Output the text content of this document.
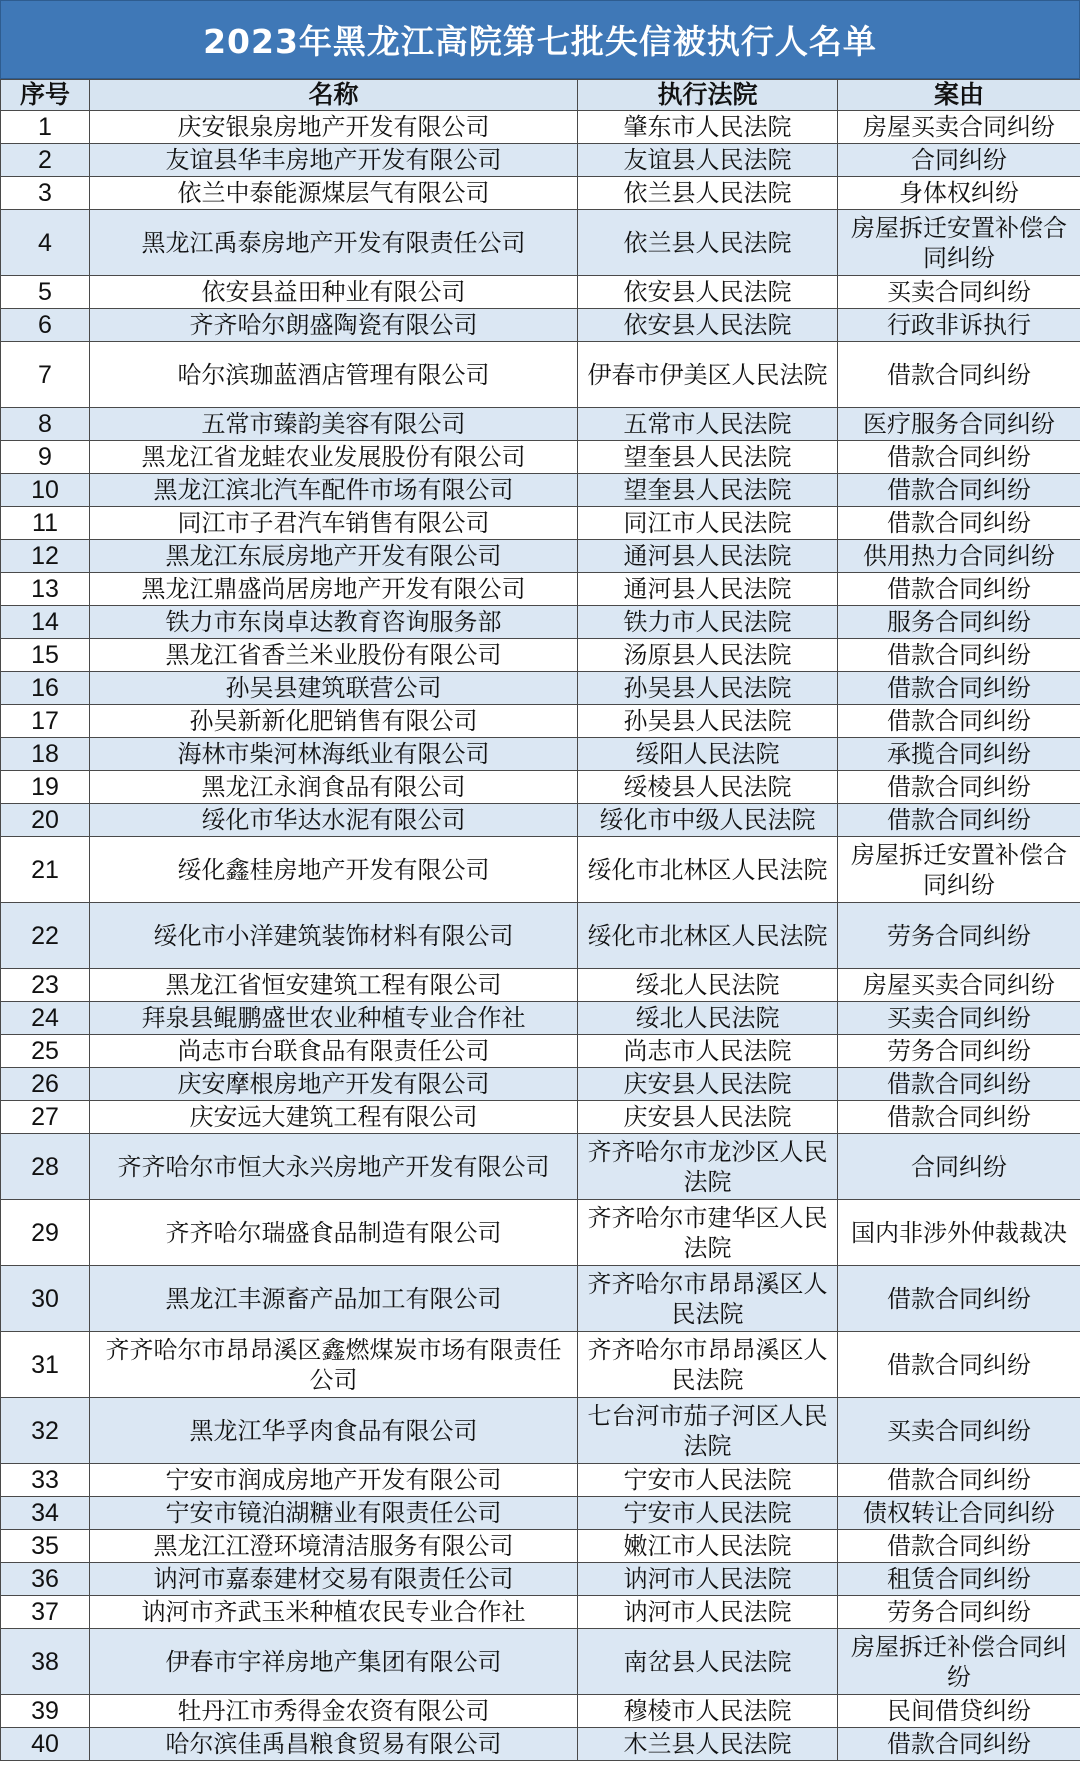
2023年黑龙江高院第七批失信被执行人名单
序号	名称	执行法院	案由
1	庆安银泉房地产开发有限公司	肇东市人民法院	房屋买卖合同纠纷
2	友谊县华丰房地产开发有限公司	友谊县人民法院	合同纠纷
3	依兰中泰能源煤层气有限公司	依兰县人民法院	身体权纠纷
4	黑龙江禹泰房地产开发有限责任公司	依兰县人民法院	房屋拆迁安置补偿合同纠纷
5	依安县益田种业有限公司	依安县人民法院	买卖合同纠纷
6	齐齐哈尔朗盛陶瓷有限公司	依安县人民法院	行政非诉执行
7	哈尔滨珈蓝酒店管理有限公司	伊春市伊美区人民法院	借款合同纠纷
8	五常市臻韵美容有限公司	五常市人民法院	医疗服务合同纠纷
9	黑龙江省龙蛙农业发展股份有限公司	望奎县人民法院	借款合同纠纷
10	黑龙江滨北汽车配件市场有限公司	望奎县人民法院	借款合同纠纷
11	同江市子君汽车销售有限公司	同江市人民法院	借款合同纠纷
12	黑龙江东辰房地产开发有限公司	通河县人民法院	供用热力合同纠纷
13	黑龙江鼎盛尚居房地产开发有限公司	通河县人民法院	借款合同纠纷
14	铁力市东岗卓达教育咨询服务部	铁力市人民法院	服务合同纠纷
15	黑龙江省香兰米业股份有限公司	汤原县人民法院	借款合同纠纷
16	孙吴县建筑联营公司	孙吴县人民法院	借款合同纠纷
17	孙吴新新化肥销售有限公司	孙吴县人民法院	借款合同纠纷
18	海林市柴河林海纸业有限公司	绥阳人民法院	承揽合同纠纷
19	黑龙江永润食品有限公司	绥棱县人民法院	借款合同纠纷
20	绥化市华达水泥有限公司	绥化市中级人民法院	借款合同纠纷
21	绥化鑫桂房地产开发有限公司	绥化市北林区人民法院	房屋拆迁安置补偿合同纠纷
22	绥化市小洋建筑装饰材料有限公司	绥化市北林区人民法院	劳务合同纠纷
23	黑龙江省恒安建筑工程有限公司	绥北人民法院	房屋买卖合同纠纷
24	拜泉县鲲鹏盛世农业种植专业合作社	绥北人民法院	买卖合同纠纷
25	尚志市台联食品有限责任公司	尚志市人民法院	劳务合同纠纷
26	庆安摩根房地产开发有限公司	庆安县人民法院	借款合同纠纷
27	庆安远大建筑工程有限公司	庆安县人民法院	借款合同纠纷
28	齐齐哈尔市恒大永兴房地产开发有限公司	齐齐哈尔市龙沙区人民法院	合同纠纷
29	齐齐哈尔瑞盛食品制造有限公司	齐齐哈尔市建华区人民法院	国内非涉外仲裁裁决
30	黑龙江丰源畜产品加工有限公司	齐齐哈尔市昂昂溪区人民法院	借款合同纠纷
31	齐齐哈尔市昂昂溪区鑫燃煤炭市场有限责任公司	齐齐哈尔市昂昂溪区人民法院	借款合同纠纷
32	黑龙江华孚肉食品有限公司	七台河市茄子河区人民法院	买卖合同纠纷
33	宁安市润成房地产开发有限公司	宁安市人民法院	借款合同纠纷
34	宁安市镜泊湖糖业有限责任公司	宁安市人民法院	债权转让合同纠纷
35	黑龙江江澄环境清洁服务有限公司	嫩江市人民法院	借款合同纠纷
36	讷河市嘉泰建材交易有限责任公司	讷河市人民法院	租赁合同纠纷
37	讷河市齐武玉米种植农民专业合作社	讷河市人民法院	劳务合同纠纷
38	伊春市宇祥房地产集团有限公司	南岔县人民法院	房屋拆迁补偿合同纠纷
39	牡丹江市秀得金农资有限公司	穆棱市人民法院	民间借贷纠纷
40	哈尔滨佳禹昌粮食贸易有限公司	木兰县人民法院	借款合同纠纷
